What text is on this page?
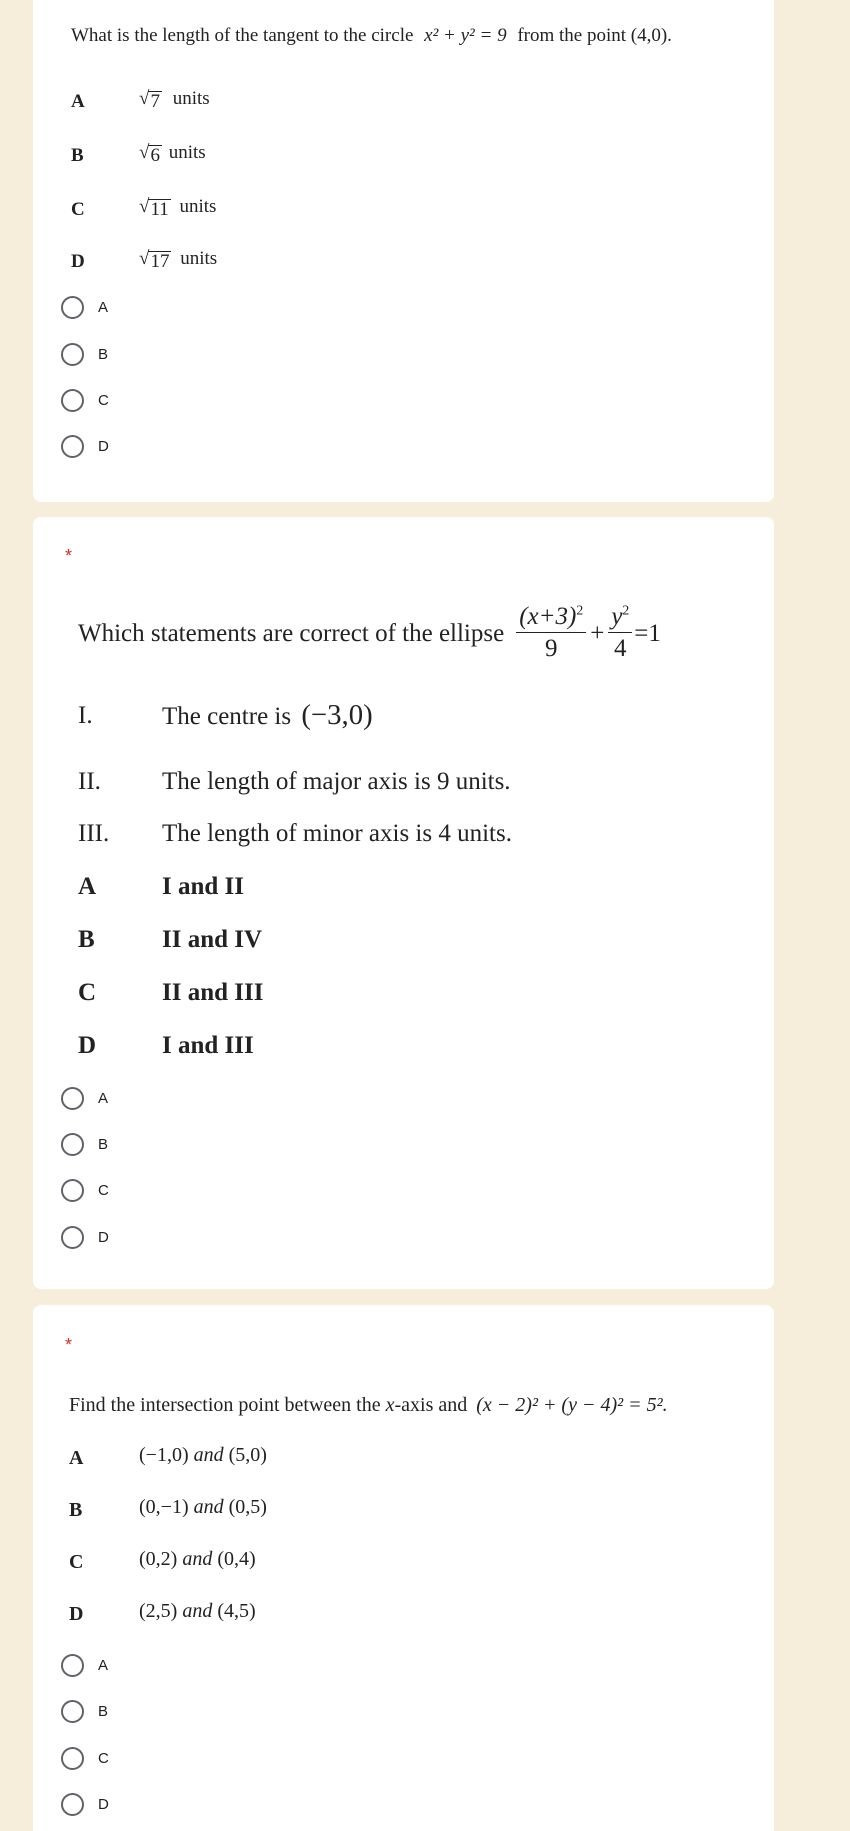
What is the length of the tangent to the circle x² + y² = 9 from the point (4,0).
A	√ 7 units
B	√ 6 units
C	√ 11 units
D	√ 17 units
A
B
C
D
*
Which statements are correct of the ellipse $\frac{(x+3)^2}{9} + \frac{y^2}{4} =1$
I.	The centre is (−3,0)
II. The length of major axis is 9 units.
III. The length of minor axis is 4 units.
A	I and II
B	II and IV
C	II and III
D	I and III
A
B
C
D
*
Find the intersection point between the x-axis and (x − 2)² + (y − 4)² = 5².
A	(−1,0) and (5,0)
B	(0,−1) and (0,5)
C	(0,2) and (0,4)
D	(2,5) and (4,5)
A
B
C
D
